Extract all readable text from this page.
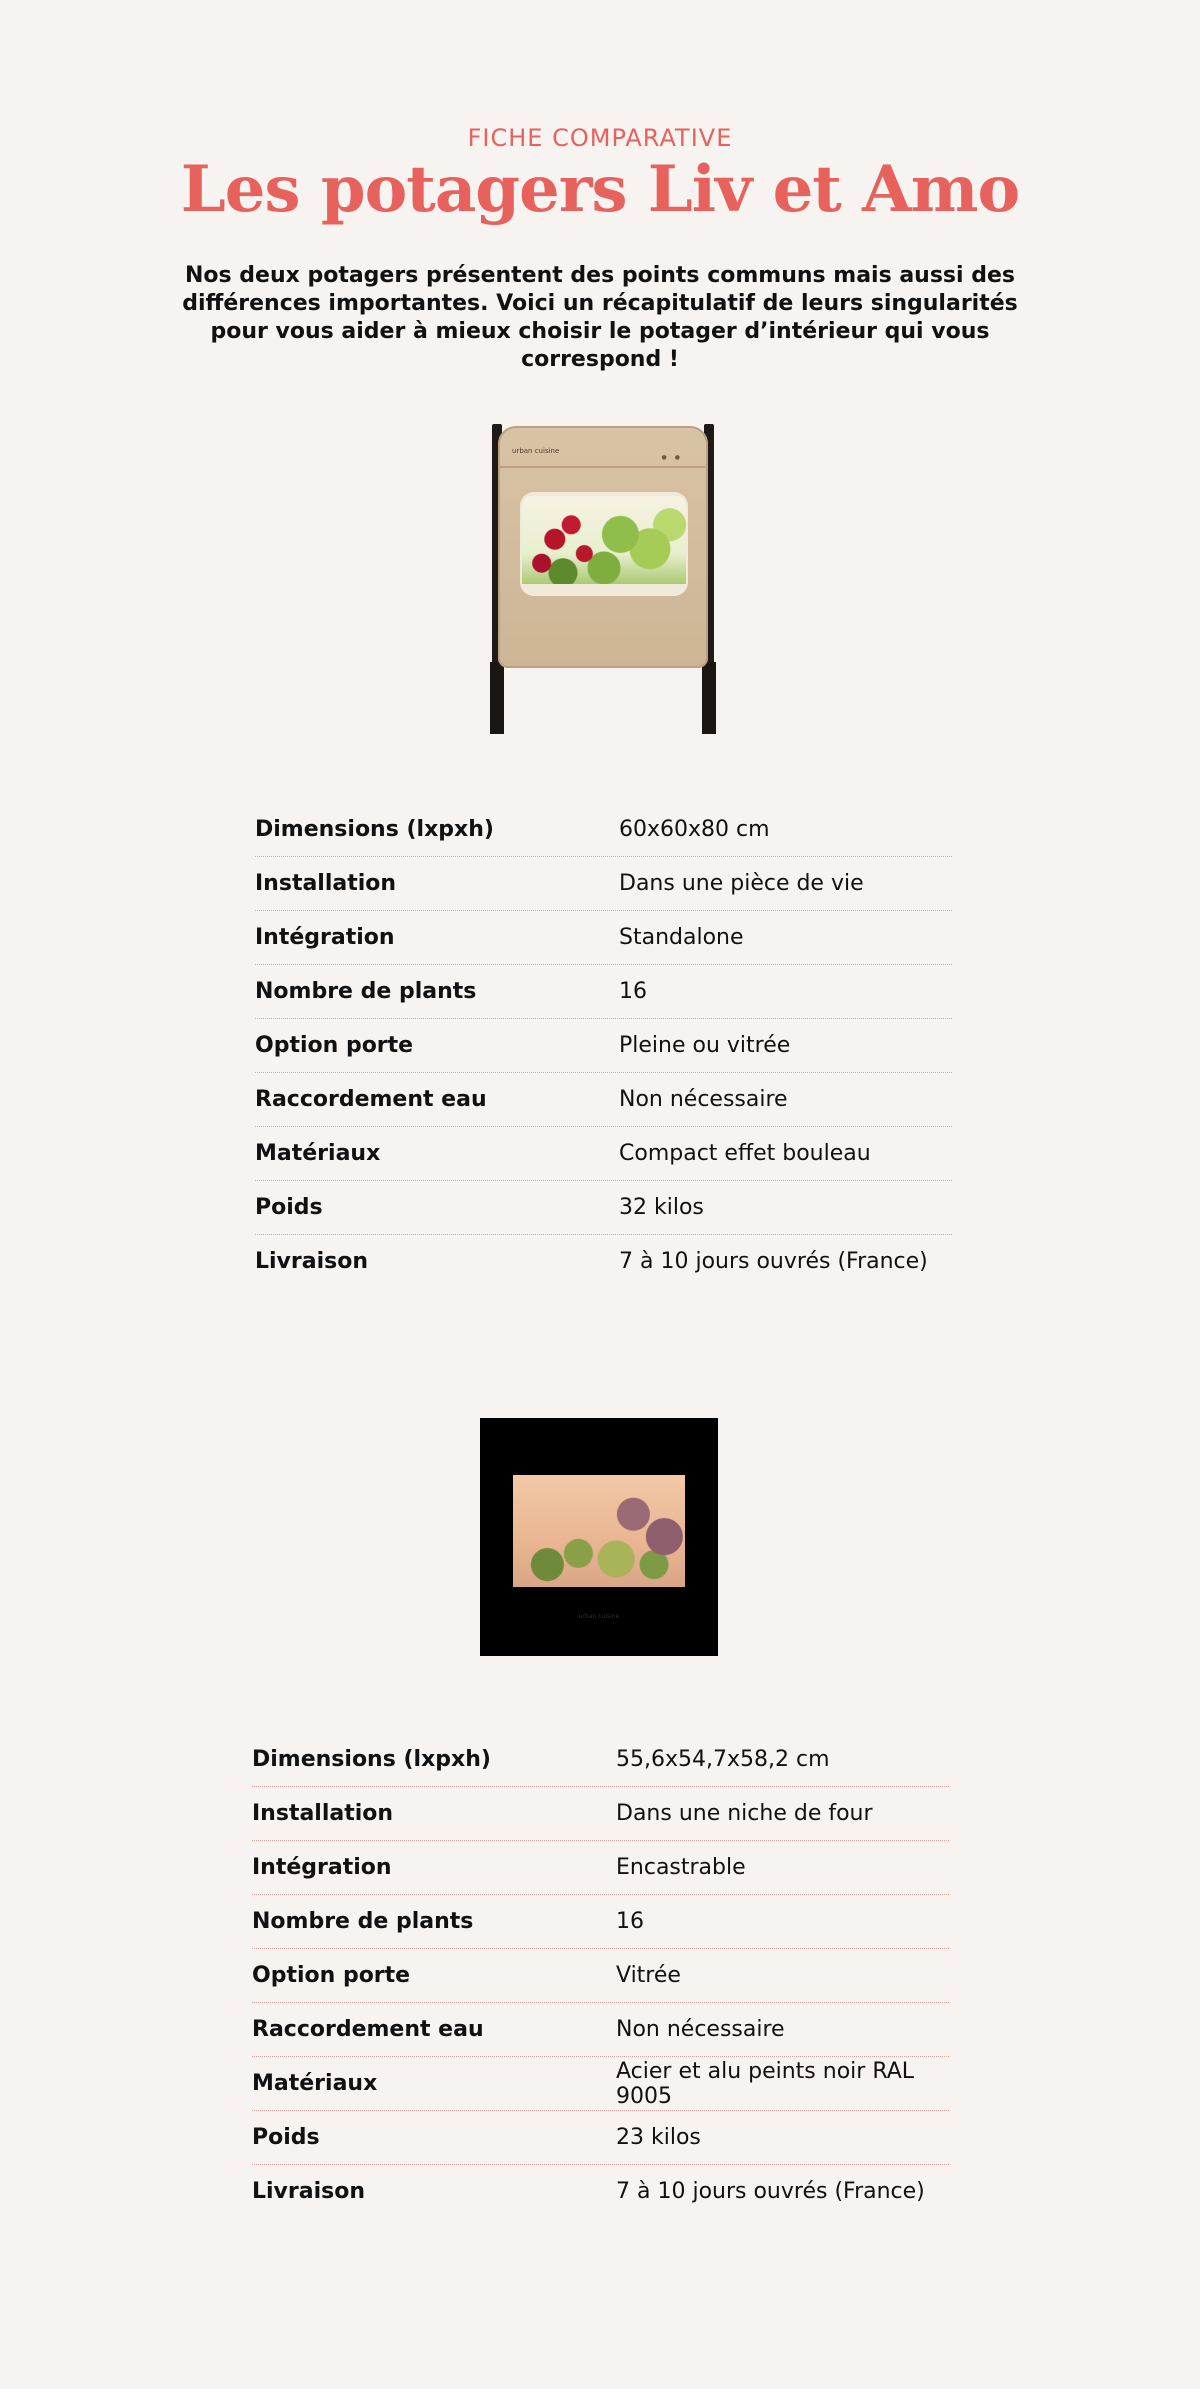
FICHE COMPARATIVE
Les potagers Liv et Amo
Nos deux potagers présentent des points communs mais aussi des différences importantes. Voici un récapitulatif de leurs singularités pour vous aider à mieux choisir le potager d’intérieur qui vous correspond !
urban cuisine
●●
Dimensions (lxpxh)	60x60x80 cm
Installation	Dans une pièce de vie
Intégration	Standalone
Nombre de plants	16
Option porte	Pleine ou vitrée
Raccordement eau	Non nécessaire
Matériaux	Compact effet bouleau
Poids	32 kilos
Livraison	7 à 10 jours ouvrés (France)
urban cuisine
Dimensions (lxpxh)	55,6x54,7x58,2 cm
Installation	Dans une niche de four
Intégration	Encastrable
Nombre de plants	16
Option porte	Vitrée
Raccordement eau	Non nécessaire
Matériaux	Acier et alu peints noir RAL 9005
Poids	23 kilos
Livraison	7 à 10 jours ouvrés (France)
